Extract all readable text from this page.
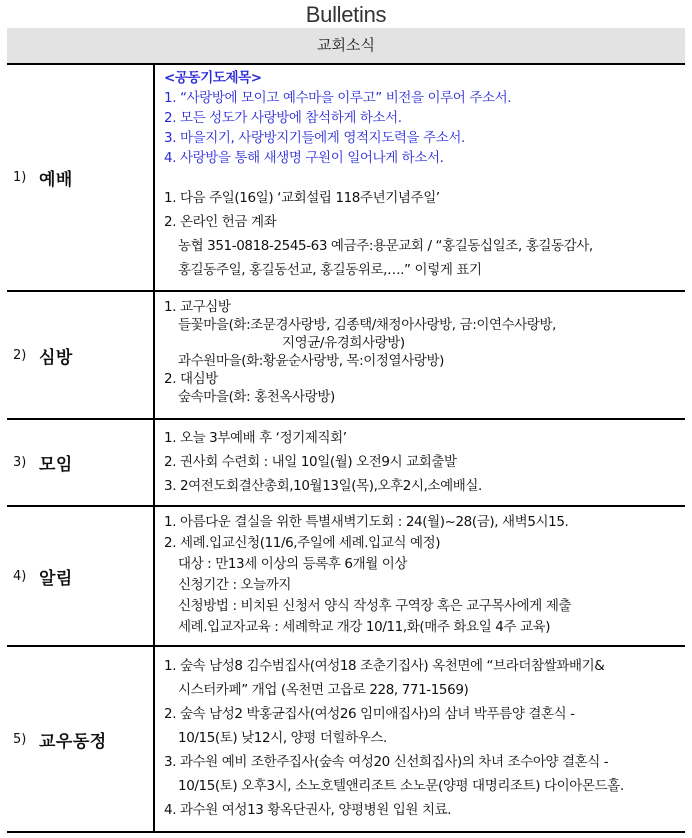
Bulletins
교회소식
1) 예배
<공동기도제목>
1. “사랑방에 모이고 예수마을 이루고” 비전을 이루어 주소서.
2. 모든 성도가 사랑방에 참석하게 하소서.
3. 마을지기, 사랑방지기들에게 영적지도력을 주소서.
4. 사랑방을 통해 새생명 구원이 일어나게 하소서.
1. 다음 주일(16일) ‘교회설립 118주년기념주일’
2. 온라인 헌금 계좌
농협 351-0818-2545-63 예금주:용문교회 / “홍길동십일조, 홍길동감사,
홍길동주일, 홍길동선교, 홍길동위로,….” 이렇게 표기
2) 심방
1. 교구심방
들꽃마을(화:조문경사랑방, 김종택/채정아사랑방, 금:이연수사랑방,
지영균/유경희사랑방)
과수원마을(화:황윤순사랑방, 목:이정열사랑방)
2. 대심방
숲속마을(화: 홍천옥사랑방)
3) 모임
1. 오늘 3부예배 후 ‘정기제직회’
2. 권사회 수련회 : 내일 10일(월) 오전9시 교회출발
3. 2여전도회결산총회,10월13일(목),오후2시,소예배실.
4) 알림
1. 아름다운 결실을 위한 특별새벽기도회 : 24(월)~28(금), 새벽5시15.
2. 세례.입교신청(11/6,주일에 세례.입교식 예정)
대상 : 만13세 이상의 등록후 6개월 이상
신청기간 : 오늘까지
신청방법 : 비치된 신청서 양식 작성후 구역장 혹은 교구목사에게 제출
세례.입교자교육 : 세례학교 개강 10/11,화(매주 화요일 4주 교육)
5) 교우동정
1. 숲속 남성8 김수범집사(여성18 조춘기집사) 옥천면에 “브라더참쌀꽈배기&
시스터카페” 개업 (옥천면 고읍로 228, 771-1569)
2. 숲속 남성2 박홍균집사(여성26 임미애집사)의 삼녀 박푸름양 결혼식 -
10/15(토) 낮12시, 양평 더힐하우스.
3. 과수원 예비 조한주집사(숲속 여성20 신선희집사)의 차녀 조수아양 결혼식 -
10/15(토) 오후3시, 소노호텔앤리조트 소노문(양평 대명리조트) 다이아몬드홀.
4. 과수원 여성13 황옥단권사, 양평병원 입원 치료.
